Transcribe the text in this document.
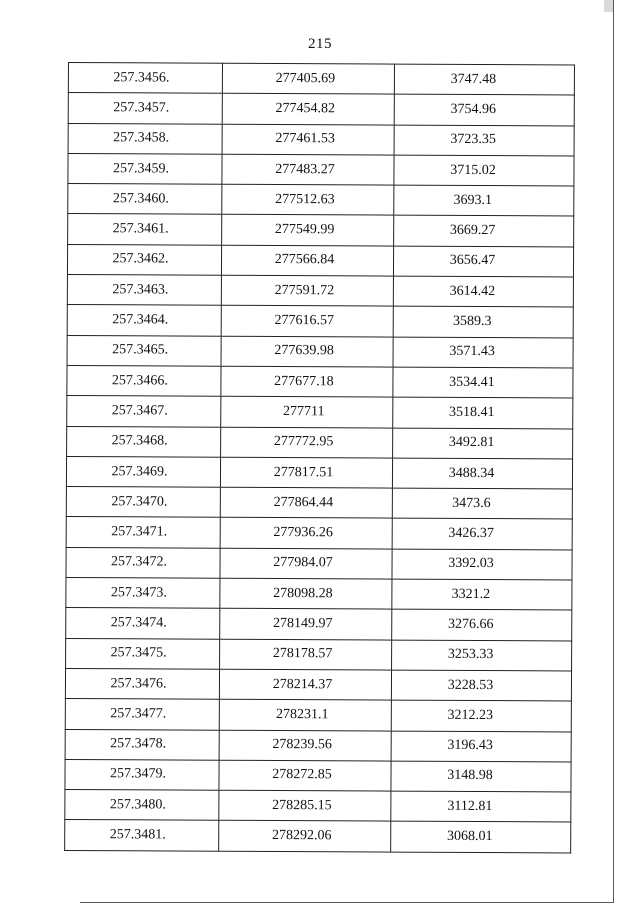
215
257.3456.	277405.69	3747.48
257.3457.	277454.82	3754.96
257.3458.	277461.53	3723.35
257.3459.	277483.27	3715.02
257.3460.	277512.63	3693.1
257.3461.	277549.99	3669.27
257.3462.	277566.84	3656.47
257.3463.	277591.72	3614.42
257.3464.	277616.57	3589.3
257.3465.	277639.98	3571.43
257.3466.	277677.18	3534.41
257.3467.	277711	3518.41
257.3468.	277772.95	3492.81
257.3469.	277817.51	3488.34
257.3470.	277864.44	3473.6
257.3471.	277936.26	3426.37
257.3472.	277984.07	3392.03
257.3473.	278098.28	3321.2
257.3474.	278149.97	3276.66
257.3475.	278178.57	3253.33
257.3476.	278214.37	3228.53
257.3477.	278231.1	3212.23
257.3478.	278239.56	3196.43
257.3479.	278272.85	3148.98
257.3480.	278285.15	3112.81
257.3481.	278292.06	3068.01
